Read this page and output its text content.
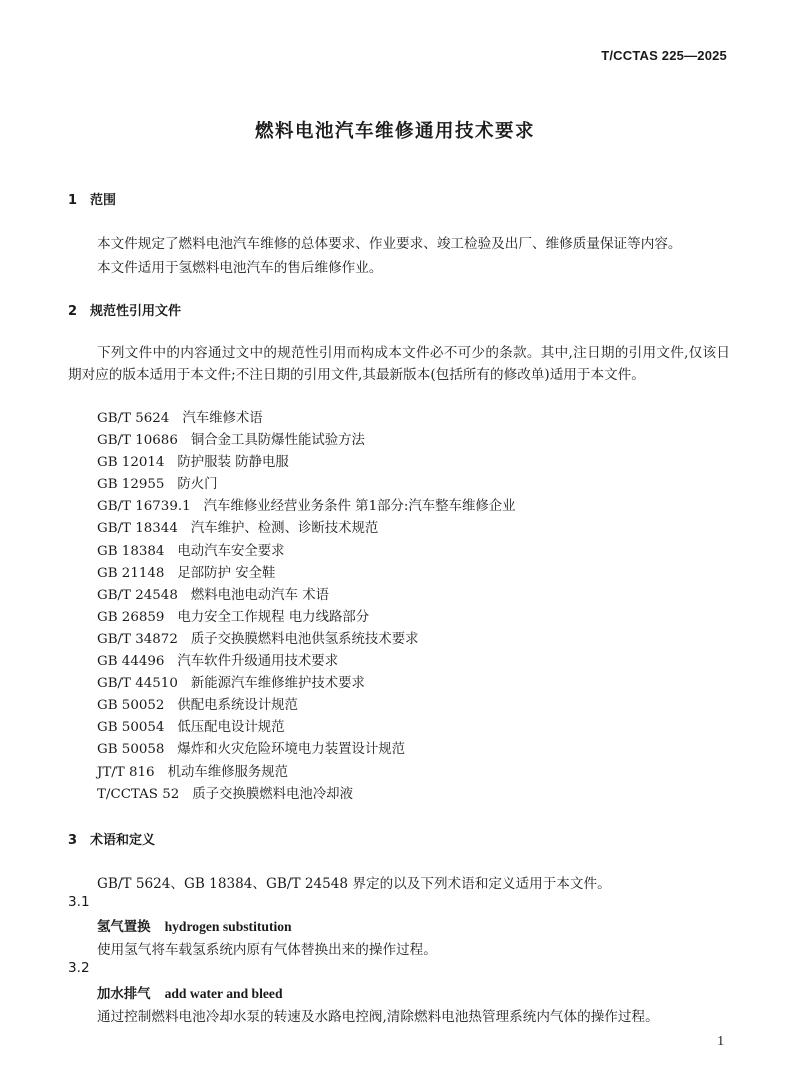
T/CCTAS 225—2025
燃料电池汽车维修通用技术要求
1 范围
本文件规定了燃料电池汽车维修的总体要求、作业要求、竣工检验及出厂、维修质量保证等内容。
本文件适用于氢燃料电池汽车的售后维修作业。
2 规范性引用文件
下列文件中的内容通过文中的规范性引用而构成本文件必不可少的条款。其中,注日期的引用文件,仅该日期对应的版本适用于本文件;不注日期的引用文件,其最新版本(包括所有的修改单)适用于本文件。
GB/T 5624 汽车维修术语
GB/T 10686 铜合金工具防爆性能试验方法
GB 12014 防护服装 防静电服
GB 12955 防火门
GB/T 16739.1 汽车维修业经营业务条件 第1部分:汽车整车维修企业
GB/T 18344 汽车维护、检测、诊断技术规范
GB 18384 电动汽车安全要求
GB 21148 足部防护 安全鞋
GB/T 24548 燃料电池电动汽车 术语
GB 26859 电力安全工作规程 电力线路部分
GB/T 34872 质子交换膜燃料电池供氢系统技术要求
GB 44496 汽车软件升级通用技术要求
GB/T 44510 新能源汽车维修维护技术要求
GB 50052 供配电系统设计规范
GB 50054 低压配电设计规范
GB 50058 爆炸和火灾危险环境电力装置设计规范
JT/T 816 机动车维修服务规范
T/CCTAS 52 质子交换膜燃料电池冷却液
3 术语和定义
GB/T 5624、GB 18384、GB/T 24548 界定的以及下列术语和定义适用于本文件。
3.1
氢气置换 hydrogen substitution
使用氢气将车载氢系统内原有气体替换出来的操作过程。
3.2
加水排气 add water and bleed
通过控制燃料电池冷却水泵的转速及水路电控阀,清除燃料电池热管理系统内气体的操作过程。
1
